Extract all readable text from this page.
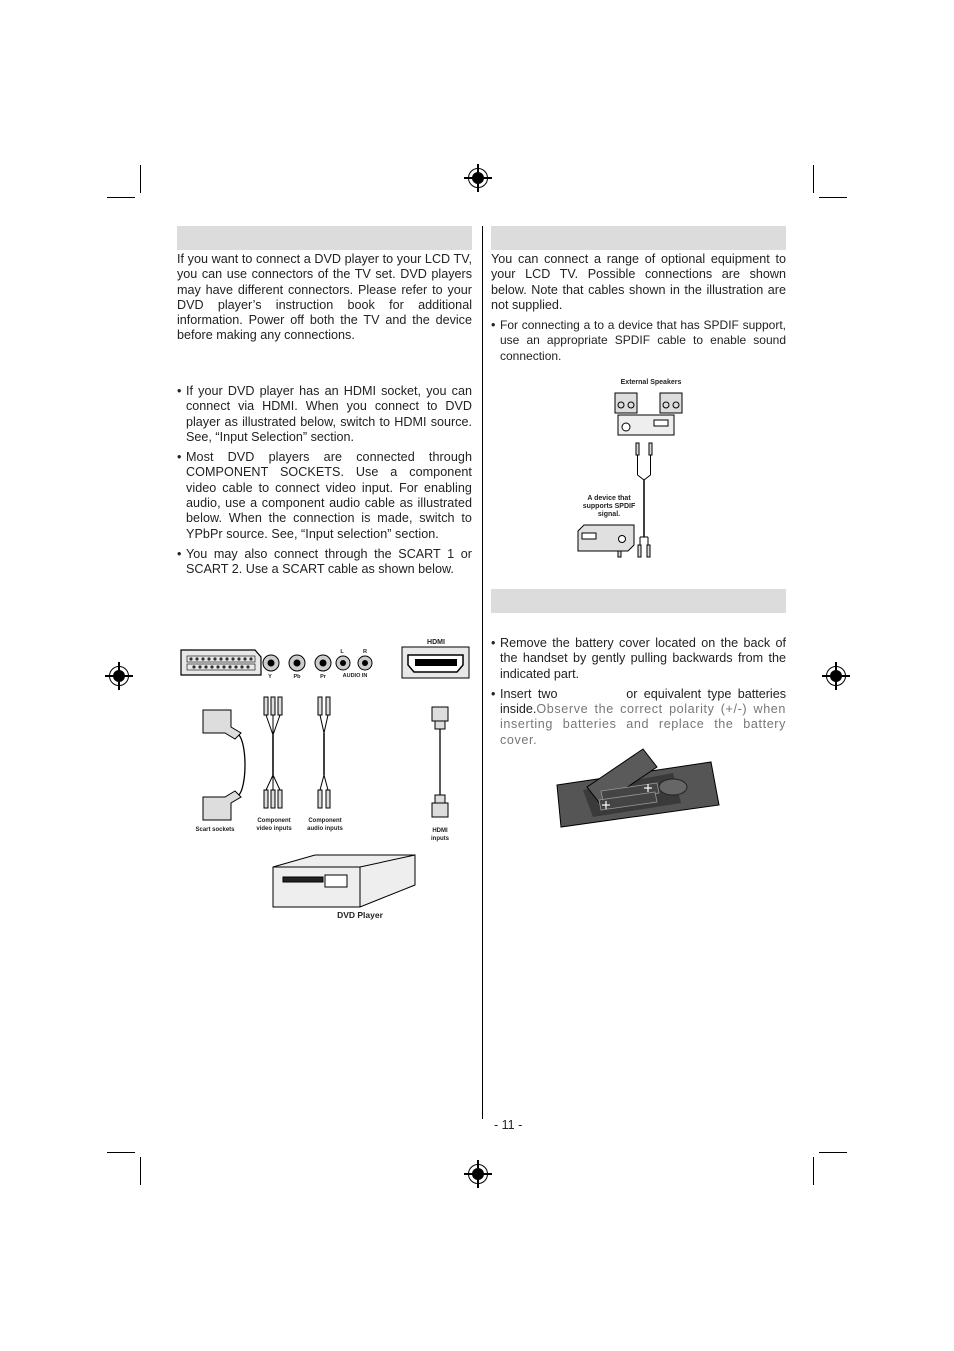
If you want to connect a DVD player to your LCD TV, you can use connectors of the TV set. DVD players may have different connectors. Please refer to your DVD player’s instruction book for additional information. Power off both the TV and the device before making any connections.
• If your DVD player has an HDMI socket, you can connect via HDMI. When you connect to DVD player as illustrated below, switch to HDMI source. See, “Input Selection” section.
• Most DVD players are connected through COMPONENT SOCKETS. Use a component video cable to connect video input. For enabling audio, use a component audio cable as illustrated below. When the connection is made, switch to YPbPr source. See, “Input selection” section.
• You may also connect through the SCART 1 or SCART 2. Use a SCART cable as shown below.
HDMI
Y	Pb	Pr
L	R
AUDIO IN
Scart sockets
Component video inputs
Component audio inputs	HDMI inputs
DVD Player
You can connect a range of optional equipment to your LCD TV. Possible connections are shown below. Note that cables shown in the illustration are not supplied.
• For connecting a to a device that has SPDIF support, use an appropriate SPDIF cable to enable sound connection.
External Speakers
A device that supports SPDIF signal.
• Remove the battery cover located on the back of the handset by gently pulling backwards from the indicated part.
• Insert two	or equivalent type batteries inside.Observe the correct polarity (+/-) when inserting batteries and replace the battery cover.
- 11 -
